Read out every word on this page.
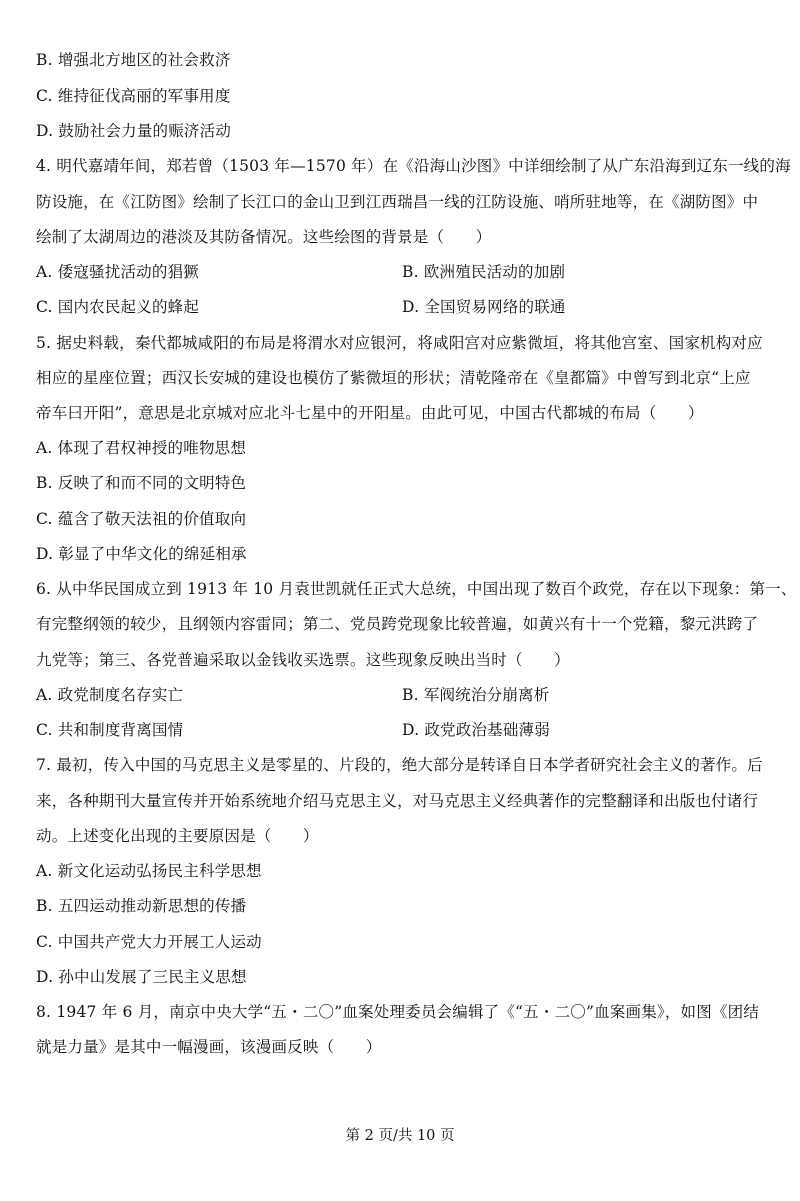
B. 增强北方地区的社会救济
C. 维持征伐高丽的军事用度
D. 鼓励社会力量的赈济活动
4. 明代嘉靖年间，郑若曾（1503 年—1570 年）在《沿海山沙图》中详细绘制了从广东沿海到辽东一线的海
防设施，在《江防图》绘制了长江口的金山卫到江西瑞昌一线的江防设施、哨所驻地等，在《湖防图》中
绘制了太湖周边的港淡及其防备情况。这些绘图的背景是（　　）
A. 倭寇骚扰活动的猖獗	B. 欧洲殖民活动的加剧
C. 国内农民起义的蜂起	D. 全国贸易网络的联通
5. 据史料载，秦代都城咸阳的布局是将渭水对应银河，将咸阳宫对应紫微垣，将其他宫室、国家机构对应
相应的星座位置；西汉长安城的建设也模仿了紫微垣的形状；清乾隆帝在《皇都篇》中曾写到北京“上应
帝车曰开阳”，意思是北京城对应北斗七星中的开阳星。由此可见，中国古代都城的布局（　　）
A. 体现了君权神授的唯物思想
B. 反映了和而不同的文明特色
C. 蕴含了敬天法祖的价值取向
D. 彰显了中华文化的绵延相承
6. 从中华民国成立到 1913 年 10 月袁世凯就任正式大总统，中国出现了数百个政党，存在以下现象：第一、
有完整纲领的较少，且纲领内容雷同；第二、党员跨党现象比较普遍，如黄兴有十一个党籍，黎元洪跨了
九党等；第三、各党普遍采取以金钱收买选票。这些现象反映出当时（　　）
A. 政党制度名存实亡	B. 军阀统治分崩离析
C. 共和制度背离国情	D. 政党政治基础薄弱
7. 最初，传入中国的马克思主义是零星的、片段的，绝大部分是转译自日本学者研究社会主义的著作。后
来，各种期刊大量宣传并开始系统地介绍马克思主义，对马克思主义经典著作的完整翻译和出版也付诸行
动。上述变化出现的主要原因是（　　）
A. 新文化运动弘扬民主科学思想
B. 五四运动推动新思想的传播
C. 中国共产党大力开展工人运动
D. 孙中山发展了三民主义思想
8. 1947 年 6 月，南京中央大学“五・二〇”血案处理委员会编辑了《“五・二〇”血案画集》，如图《团结
就是力量》是其中一幅漫画，该漫画反映（　　）
第 2 页/共 10 页
